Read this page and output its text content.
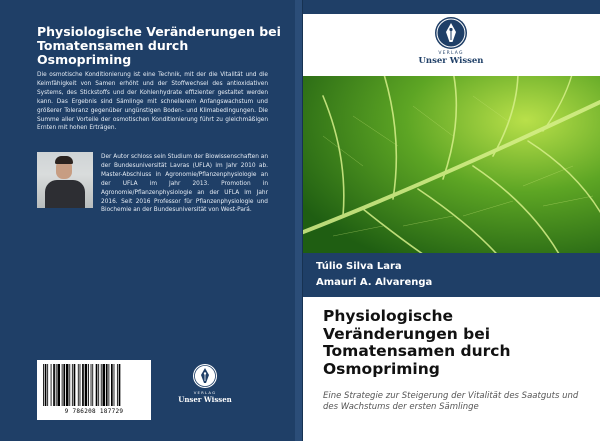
Physiologische Veränderungen bei
Tomatensamen durch
Osmopriming
Die osmotische Konditionierung ist eine Technik, mit der die Vitalität und die Keimfähigkeit von Samen erhöht und der Stoffwechsel des antioxidativen Systems, des Stickstoffs und der Kohlenhydrate effizienter gestaltet werden kann. Das Ergebnis sind Sämlinge mit schnellerem Anfangswachstum und größerer Toleranz gegenüber ungünstigen Boden- und Klimabedingungen. Die Summe aller Vorteile der osmotischen Konditionierung führt zu gleichmäßigen Ernten mit hohen Erträgen.
Der Autor schloss sein Studium der Biowissenschaften an der Bundesuniversität Lavras (UFLA) im Jahr 2010 ab. Master-Abschluss in Agronomie/Pflanzenphysiologie an der UFLA im Jahr 2013. Promotion in Agronomie/Pflanzenphysiologie an der UFLA im Jahr 2016. Seit 2016 Professor für Pflanzenphysiologie und Biochemie an der Bundesuniversität von West-Pará.
9 786208 187729
VERLAG
Unser Wissen
VERLAG
Unser Wissen
Túlio Silva Lara
Amauri A. Alvarenga
Physiologische
Veränderungen bei
Tomatensamen durch
Osmopriming
Eine Strategie zur Steigerung der Vitalität des Saatguts und des Wachstums der ersten Sämlinge
